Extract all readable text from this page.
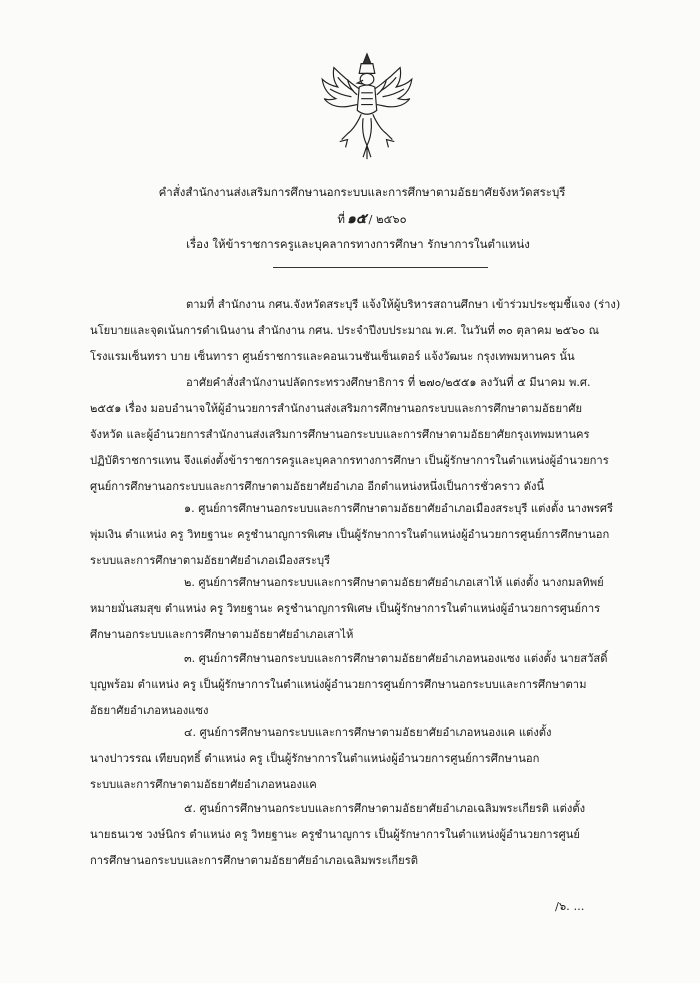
คำสั่งสำนักงานส่งเสริมการศึกษานอกระบบและการศึกษาตามอัธยาศัยจังหวัดสระบุรี
ที่ ๑๕ / ๒๕๖๐
เรื่อง ให้ข้าราชการครูและบุคลากรทางการศึกษา รักษาการในตำแหน่ง
ตามที่ สำนักงาน กศน.จังหวัดสระบุรี แจ้งให้ผู้บริหารสถานศึกษา เข้าร่วมประชุมชี้แจง (ร่าง)
นโยบายและจุดเน้นการดำเนินงาน สำนักงาน กศน. ประจำปีงบประมาณ พ.ศ. ในวันที่ ๓๐ ตุลาคม ๒๕๖๐ ณ
โรงแรมเซ็นทรา บาย เซ็นทารา ศูนย์ราชการและคอนเวนชันเซ็นเตอร์ แจ้งวัฒนะ กรุงเทพมหานคร นั้น
อาศัยคำสั่งสำนักงานปลัดกระทรวงศึกษาธิการ ที่ ๒๗๐/๒๕๕๑ ลงวันที่ ๕ มีนาคม พ.ศ.
๒๕๕๑ เรื่อง มอบอำนาจให้ผู้อำนวยการสำนักงานส่งเสริมการศึกษานอกระบบและการศึกษาตามอัธยาศัย
จังหวัด และผู้อำนวยการสำนักงานส่งเสริมการศึกษานอกระบบและการศึกษาตามอัธยาศัยกรุงเทพมหานคร
ปฏิบัติราชการแทน จึงแต่งตั้งข้าราชการครูและบุคลากรทางการศึกษา เป็นผู้รักษาการในตำแหน่งผู้อำนวยการ
ศูนย์การศึกษานอกระบบและการศึกษาตามอัธยาศัยอำเภอ อีกตำแหน่งหนึ่งเป็นการชั่วคราว ดังนี้
๑. ศูนย์การศึกษานอกระบบและการศึกษาตามอัธยาศัยอำเภอเมืองสระบุรี แต่งตั้ง นางพรศรี
พุ่มเงิน ตำแหน่ง ครู วิทยฐานะ ครูชำนาญการพิเศษ เป็นผู้รักษาการในตำแหน่งผู้อำนวยการศูนย์การศึกษานอก
ระบบและการศึกษาตามอัธยาศัยอำเภอเมืองสระบุรี
๒. ศูนย์การศึกษานอกระบบและการศึกษาตามอัธยาศัยอำเภอเสาไห้ แต่งตั้ง นางกมลทิพย์
หมายมั่นสมสุข ตำแหน่ง ครู วิทยฐานะ ครูชำนาญการพิเศษ เป็นผู้รักษาการในตำแหน่งผู้อำนวยการศูนย์การ
ศึกษานอกระบบและการศึกษาตามอัธยาศัยอำเภอเสาไห้
๓. ศูนย์การศึกษานอกระบบและการศึกษาตามอัธยาศัยอำเภอหนองแซง แต่งตั้ง นายสวัสดิ์
บุญพร้อม ตำแหน่ง ครู เป็นผู้รักษาการในตำแหน่งผู้อำนวยการศูนย์การศึกษานอกระบบและการศึกษาตาม
อัธยาศัยอำเภอหนองแซง
๔. ศูนย์การศึกษานอกระบบและการศึกษาตามอัธยาศัยอำเภอหนองแค แต่งตั้ง
นางปาวรรณ เทียบฤทธิ์ ตำแหน่ง ครู เป็นผู้รักษาการในตำแหน่งผู้อำนวยการศูนย์การศึกษานอก
ระบบและการศึกษาตามอัธยาศัยอำเภอหนองแค
๕. ศูนย์การศึกษานอกระบบและการศึกษาตามอัธยาศัยอำเภอเฉลิมพระเกียรติ แต่งตั้ง
นายธนเวช วงษ์นิกร ตำแหน่ง ครู วิทยฐานะ ครูชำนาญการ เป็นผู้รักษาการในตำแหน่งผู้อำนวยการศูนย์
การศึกษานอกระบบและการศึกษาตามอัธยาศัยอำเภอเฉลิมพระเกียรติ
/๖. ...
